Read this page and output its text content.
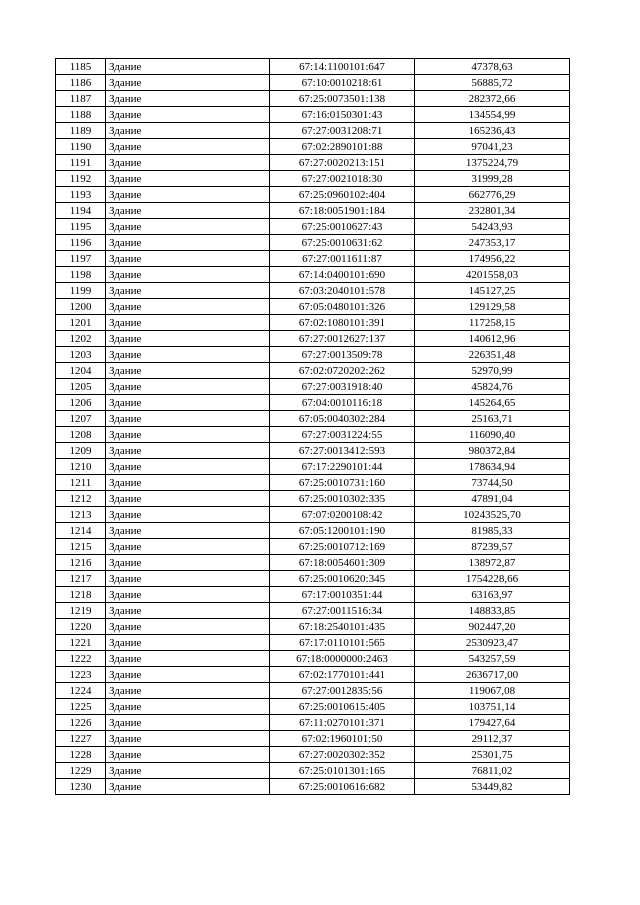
1185	Здание	67:14:1100101:647	47378,63
1186	Здание	67:10:0010218:61	56885,72
1187	Здание	67:25:0073501:138	282372,66
1188	Здание	67:16:0150301:43	134554,99
1189	Здание	67:27:0031208:71	165236,43
1190	Здание	67:02:2890101:88	97041,23
1191	Здание	67:27:0020213:151	1375224,79
1192	Здание	67:27:0021018:30	31999,28
1193	Здание	67:25:0960102:404	662776,29
1194	Здание	67:18:0051901:184	232801,34
1195	Здание	67:25:0010627:43	54243,93
1196	Здание	67:25:0010631:62	247353,17
1197	Здание	67:27:0011611:87	174956,22
1198	Здание	67:14:0400101:690	4201558,03
1199	Здание	67:03:2040101:578	145127,25
1200	Здание	67:05:0480101:326	129129,58
1201	Здание	67:02:1080101:391	117258,15
1202	Здание	67:27:0012627:137	140612,96
1203	Здание	67:27:0013509:78	226351,48
1204	Здание	67:02:0720202:262	52970,99
1205	Здание	67:27:0031918:40	45824,76
1206	Здание	67:04:0010116:18	145264,65
1207	Здание	67:05:0040302:284	25163,71
1208	Здание	67:27:0031224:55	116090,40
1209	Здание	67:27:0013412:593	980372,84
1210	Здание	67:17:2290101:44	178634,94
1211	Здание	67:25:0010731:160	73744,50
1212	Здание	67:25:0010302:335	47891,04
1213	Здание	67:07:0200108:42	10243525,70
1214	Здание	67:05:1200101:190	81985,33
1215	Здание	67:25:0010712:169	87239,57
1216	Здание	67:18:0054601:309	138972,87
1217	Здание	67:25:0010620:345	1754228,66
1218	Здание	67:17:0010351:44	63163,97
1219	Здание	67:27:0011516:34	148833,85
1220	Здание	67:18:2540101:435	902447,20
1221	Здание	67:17:0110101:565	2530923,47
1222	Здание	67:18:0000000:2463	543257,59
1223	Здание	67:02:1770101:441	2636717,00
1224	Здание	67:27:0012835:56	119067,08
1225	Здание	67:25:0010615:405	103751,14
1226	Здание	67:11:0270101:371	179427,64
1227	Здание	67:02:1960101:50	29112,37
1228	Здание	67:27:0020302:352	25301,75
1229	Здание	67:25:0101301:165	76811,02
1230	Здание	67:25:0010616:682	53449,82
